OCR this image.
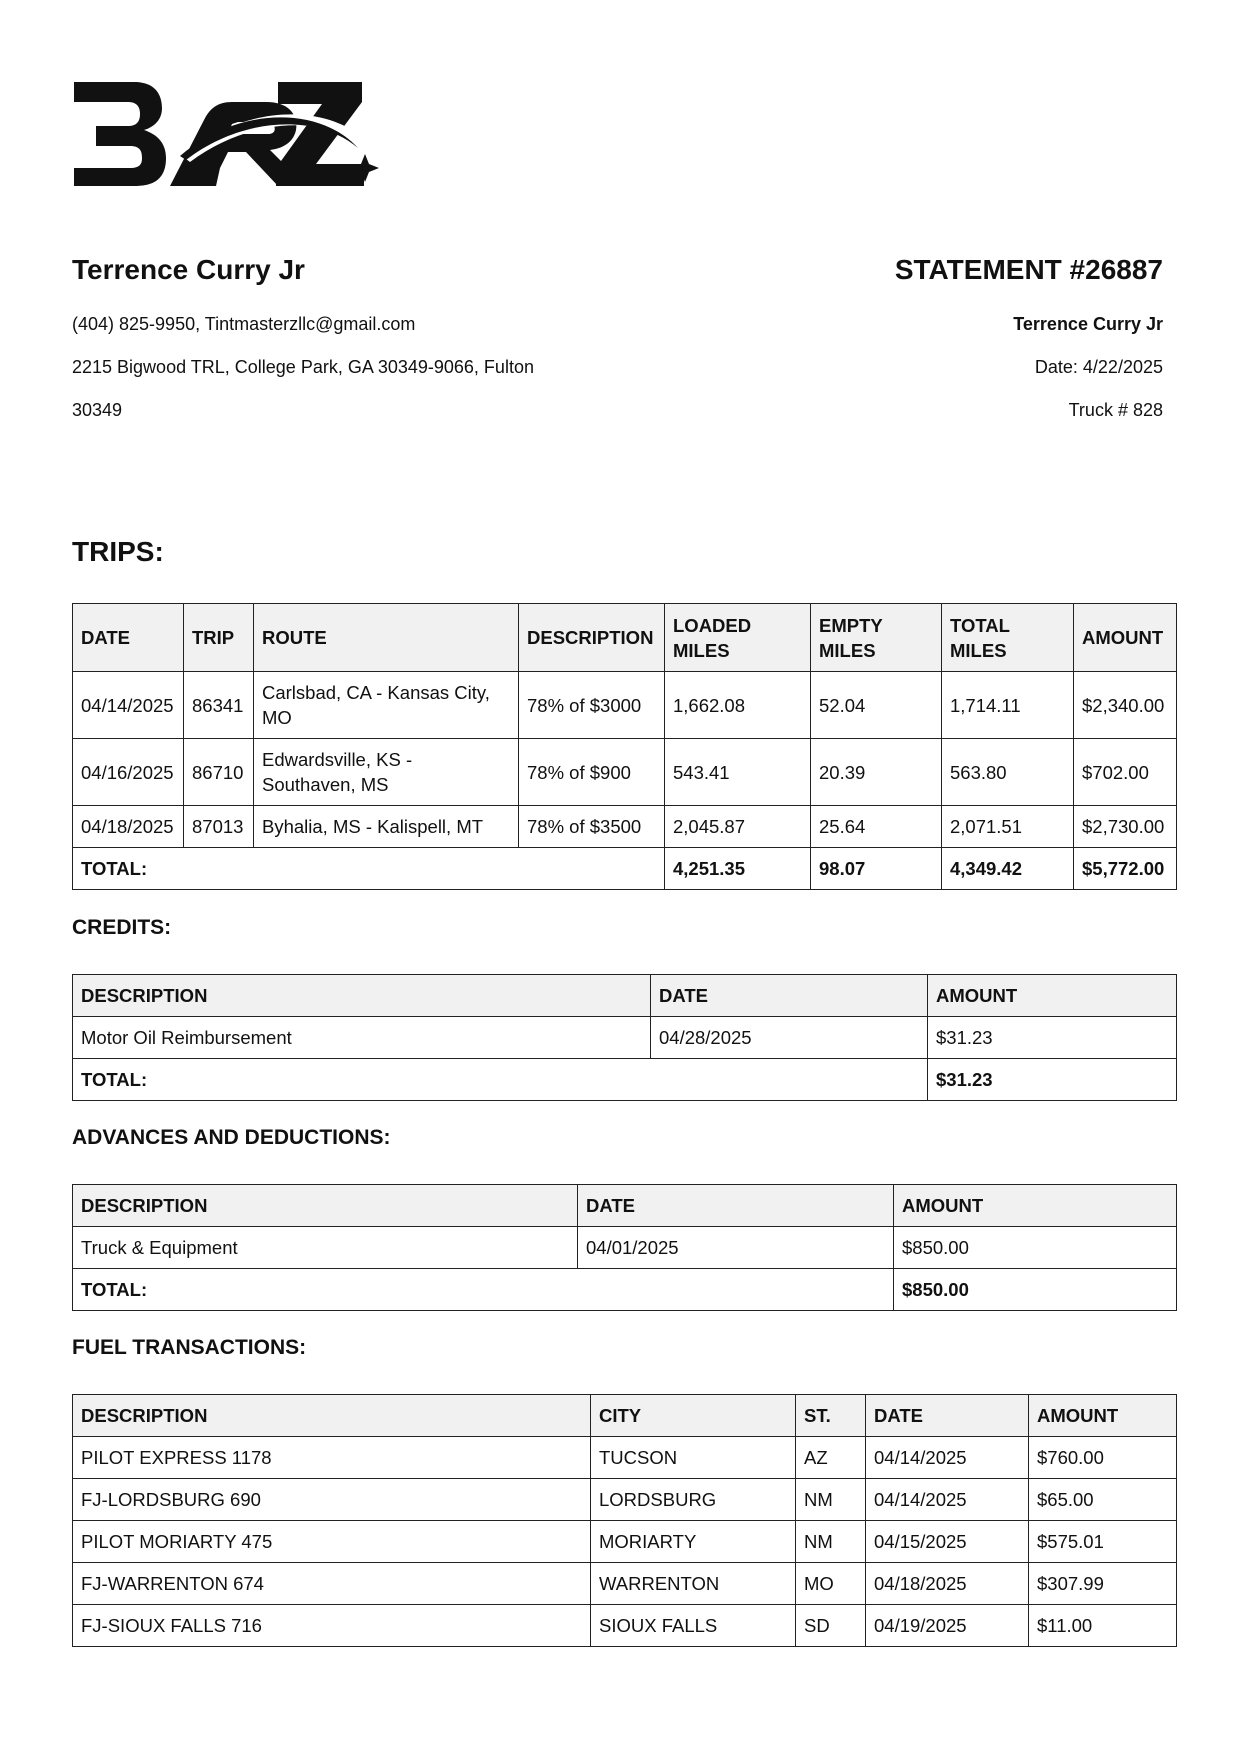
Terrence Curry Jr
(404) 825-9950, Tintmasterzllc@gmail.com
2215 Bigwood TRL, College Park, GA 30349-9066, Fulton
30349
STATEMENT #26887
Terrence Curry Jr
Date: 4/22/2025
Truck # 828
TRIPS:
DATE	TRIP	ROUTE	DESCRIPTION	LOADED MILES	EMPTY MILES	TOTAL MILES	AMOUNT
04/14/2025	86341	Carlsbad, CA - Kansas City, MO	78% of $3000	1,662.08	52.04	1,714.11	$2,340.00
04/16/2025	86710	Edwardsville, KS - Southaven, MS	78% of $900	543.41	20.39	563.80	$702.00
04/18/2025	87013	Byhalia, MS - Kalispell, MT	78% of $3500	2,045.87	25.64	2,071.51	$2,730.00
TOTAL:				4,251.35	98.07	4,349.42	$5,772.00
CREDITS:
DESCRIPTION	DATE	AMOUNT
Motor Oil Reimbursement	04/28/2025	$31.23
TOTAL:		$31.23
ADVANCES AND DEDUCTIONS:
DESCRIPTION	DATE	AMOUNT
Truck & Equipment	04/01/2025	$850.00
TOTAL:		$850.00
FUEL TRANSACTIONS:
DESCRIPTION	CITY	ST.	DATE	AMOUNT
PILOT EXPRESS 1178	TUCSON	AZ	04/14/2025	$760.00
FJ-LORDSBURG 690	LORDSBURG	NM	04/14/2025	$65.00
PILOT MORIARTY 475	MORIARTY	NM	04/15/2025	$575.01
FJ-WARRENTON 674	WARRENTON	MO	04/18/2025	$307.99
FJ-SIOUX FALLS 716	SIOUX FALLS	SD	04/19/2025	$11.00
